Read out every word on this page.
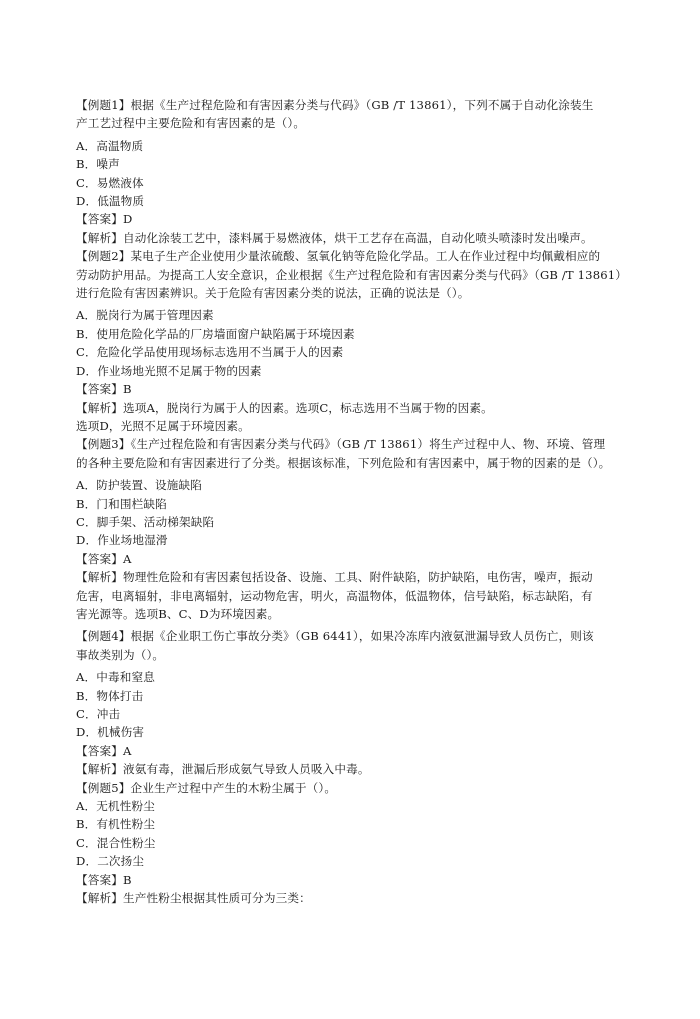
【例题1】根据《生产过程危险和有害因素分类与代码》（GB /T 13861），下列不属于自动化涂装生
产工艺过程中主要危险和有害因素的是（）。
A．高温物质
B．噪声
C．易燃液体
D．低温物质
【答案】D
【解析】自动化涂装工艺中，漆料属于易燃液体，烘干工艺存在高温，自动化喷头喷漆时发出噪声。
【例题2】某电子生产企业使用少量浓硫酸、氢氧化钠等危险化学品。工人在作业过程中均佩戴相应的
劳动防护用品。为提高工人安全意识，企业根据《生产过程危险和有害因素分类与代码》（GB /T 13861）
进行危险有害因素辨识。关于危险有害因素分类的说法，正确的说法是（）。
A．脱岗行为属于管理因素
B．使用危险化学品的厂房墙面窗户缺陷属于环境因素
C．危险化学品使用现场标志选用不当属于人的因素
D．作业场地光照不足属于物的因素
【答案】B
【解析】选项A，脱岗行为属于人的因素。选项C，标志选用不当属于物的因素。
选项D，光照不足属于环境因素。
【例题3】《生产过程危险和有害因素分类与代码》（GB /T 13861）将生产过程中人、物、环境、管理
的各种主要危险和有害因素进行了分类。根据该标准，下列危险和有害因素中，属于物的因素的是（）。
A．防护装置、设施缺陷
B．门和围栏缺陷
C．脚手架、活动梯架缺陷
D．作业场地湿滑
【答案】A
【解析】物理性危险和有害因素包括设备、设施、工具、附件缺陷，防护缺陷，电伤害，噪声，振动
危害，电离辐射，非电离辐射，运动物危害，明火，高温物体，低温物体，信号缺陷，标志缺陷，有
害光源等。选项B、C、D为环境因素。
【例题4】根据《企业职工伤亡事故分类》（GB 6441），如果冷冻库内液氨泄漏导致人员伤亡，则该
事故类别为（）。
A．中毒和窒息
B．物体打击
C．冲击
D．机械伤害
【答案】A
【解析】液氨有毒，泄漏后形成氨气导致人员吸入中毒。
【例题5】企业生产过程中产生的木粉尘属于（）。
A．无机性粉尘
B．有机性粉尘
C．混合性粉尘
D．二次扬尘
【答案】B
【解析】生产性粉尘根据其性质可分为三类：
